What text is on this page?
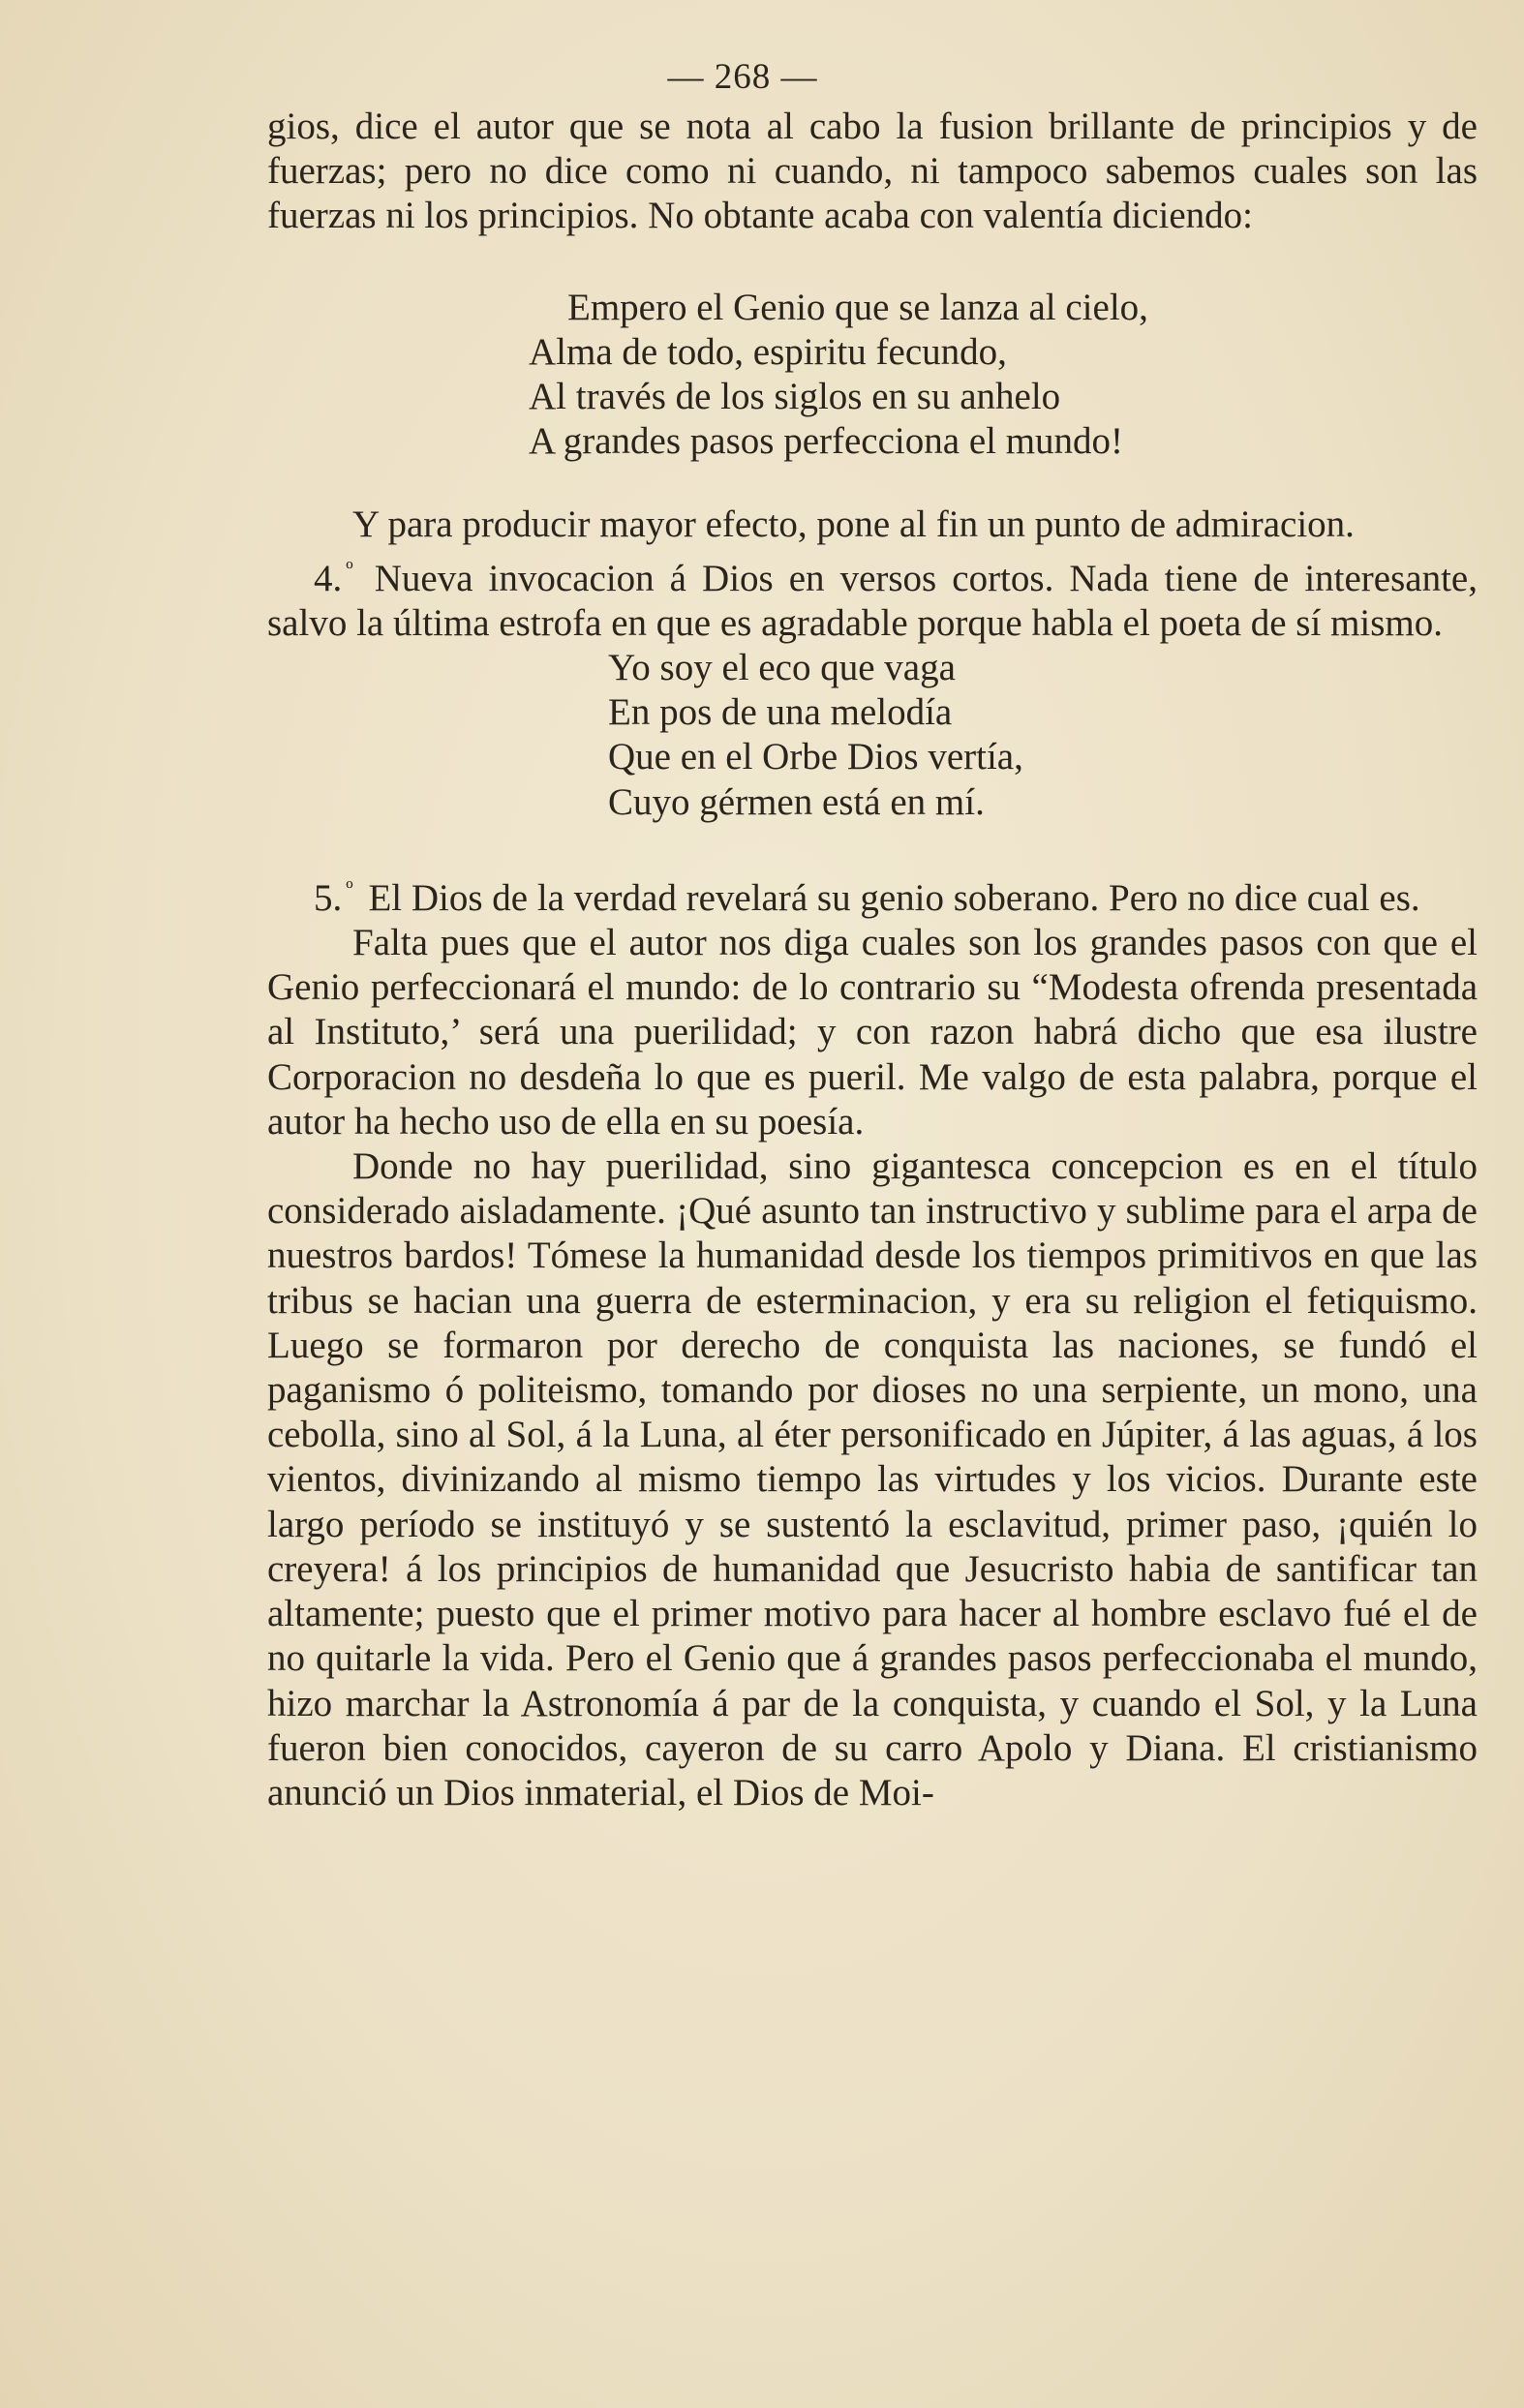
— 268 —

gios, dice el autor que se nota al cabo la fusion brillante de principios y de fuerzas; pero no dice como ni cuando, ni tampoco sabemos cuales son las fuerzas ni los principios. No obtante acaba con valentía diciendo:

Empero el Genio que se lanza al cielo,
Alma de todo, espiritu fecundo,
Al través de los siglos en su anhelo
A grandes pasos perfecciona el mundo!

Y para producir mayor efecto, pone al fin un punto de admiracion.

4. $^º$ Nueva invocacion á Dios en versos cortos. Nada tiene de interesante, salvo la última estrofa en que es agradable porque habla el poeta de sí mismo.

Yo soy el eco que vaga
En pos de una melodía
Que en el Orbe Dios vertía,
Cuyo gérmen está en mí.

5. $^º$ El Dios de la verdad revelará su genio soberano. Pero no dice cual es.

Falta pues que el autor nos diga cuales son los grandes pasos con que el Genio perfeccionará el mundo: de lo contrario su “Modesta ofrenda presentada al Instituto,’ será una puerilidad; y con razon habrá dicho que esa ilustre Corporacion no desdeña lo que es pueril. Me valgo de esta palabra, porque el autor ha hecho uso de ella en su poesía.

Donde no hay puerilidad, sino gigantesca concepcion es en el título considerado aisladamente. ¡Qué asunto tan instructivo y sublime para el arpa de nuestros bardos! Tómese la humanidad desde los tiempos primitivos en que las tribus se hacian una guerra de esterminacion, y era su religion el fetiquismo. Luego se formaron por derecho de conquista las naciones, se fundó el paganismo ó politeismo, tomando por dioses no una serpiente, un mono, una cebolla, sino al Sol, á la Luna, al éter personificado en Júpiter, á las aguas, á los vientos, divinizando al mismo tiempo las virtudes y los vicios. Durante este largo período se instituyó y se sustentó la esclavitud, primer paso, ¡quién lo creyera! á los principios de humanidad que Jesucristo habia de santificar tan altamente; puesto que el primer motivo para hacer al hombre esclavo fué el de no quitarle la vida. Pero el Genio que á grandes pasos perfeccionaba el mundo, hizo marchar la Astronomía á par de la conquista, y cuando el Sol, y la Luna fueron bien conocidos, cayeron de su carro Apolo y Diana. El cristianismo anunció un Dios inmaterial, el Dios de Moi-
